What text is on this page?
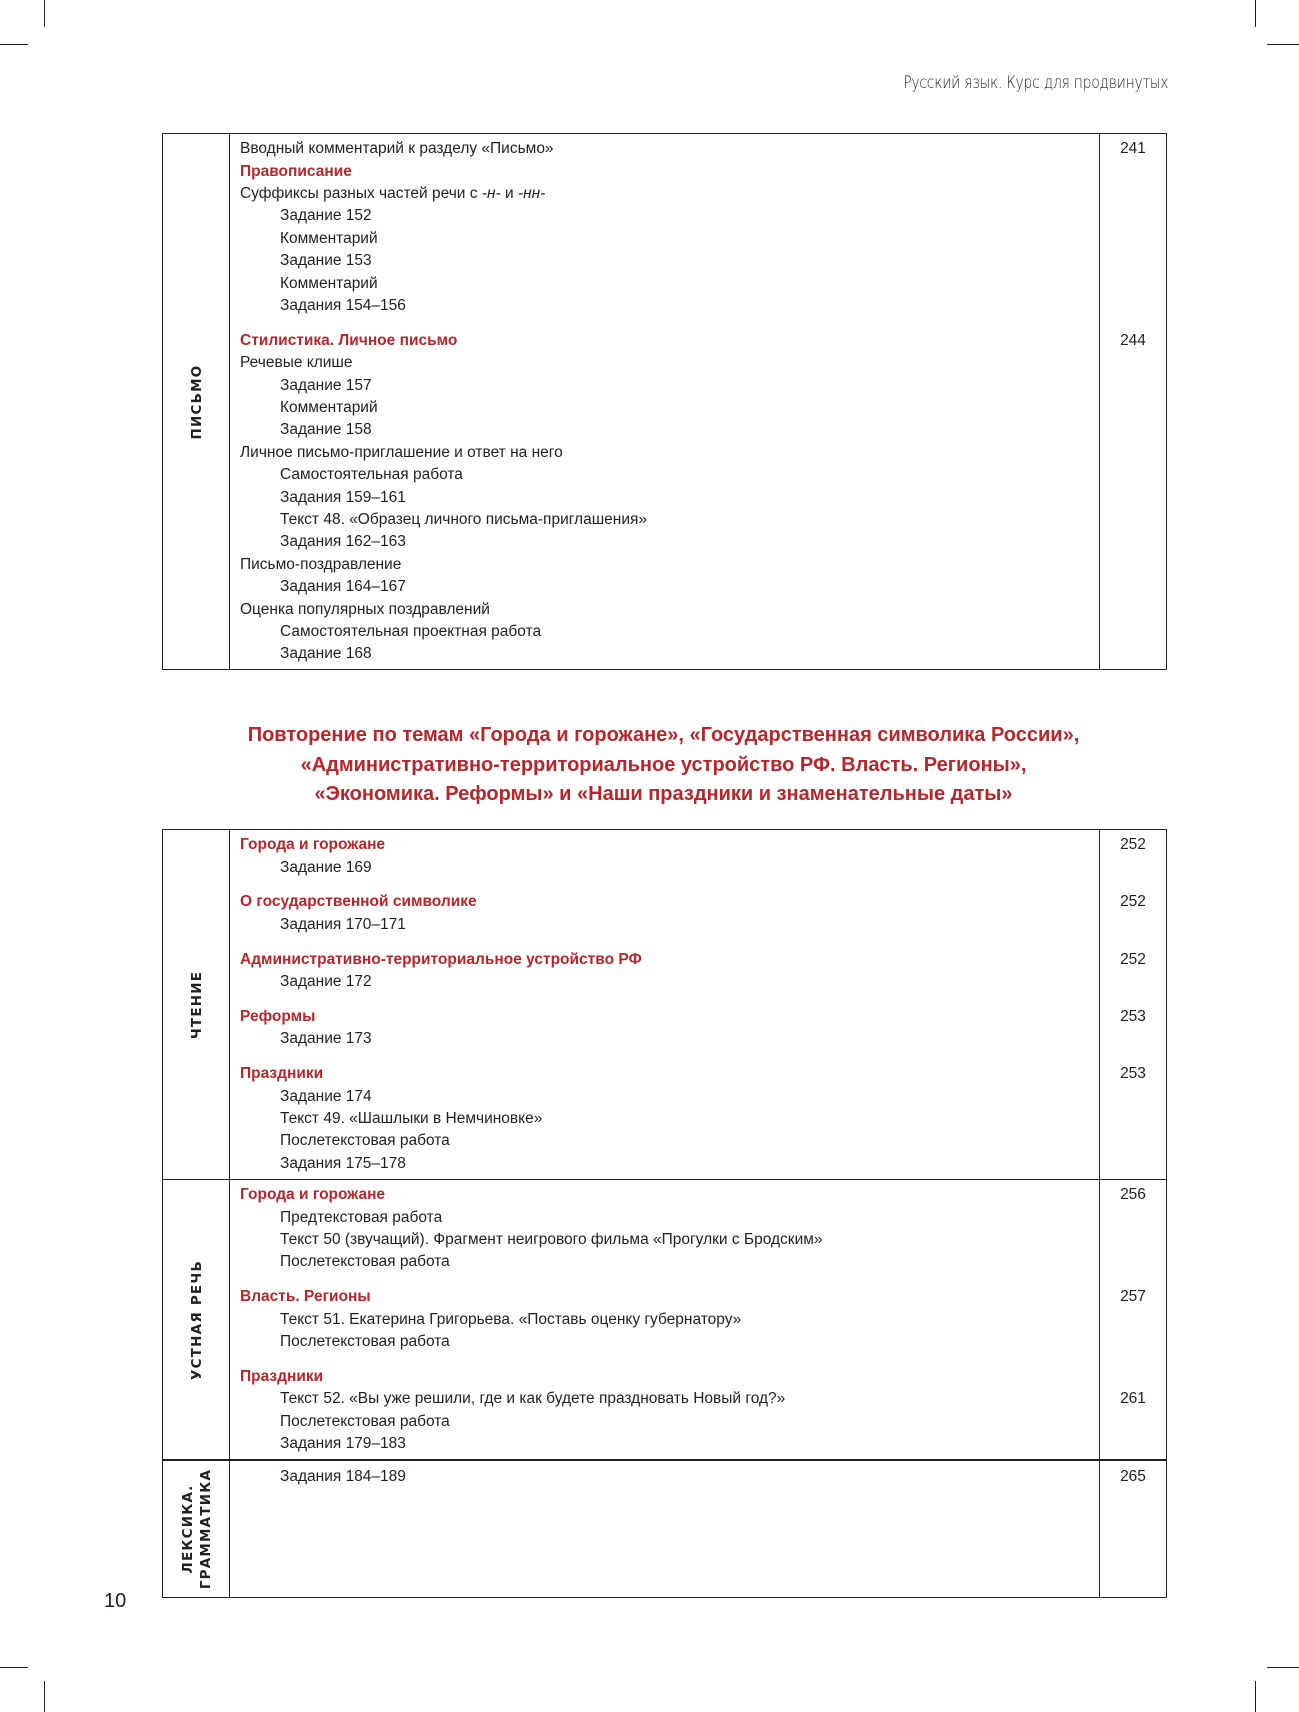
Русский язык. Курс для продвинутых
ПИСЬМО
Вводный комментарий к разделу «Письмо»	241
Правописание
Суффиксы разных частей речи с -н- и -нн-
Задание 152
Комментарий
Задание 153
Комментарий
Задания 154–156
Стилистика. Личное письмо	244
Речевые клише
Задание 157
Комментарий
Задание 158
Личное письмо-приглашение и ответ на него
Самостоятельная работа
Задания 159–161
Текст 48. «Образец личного письма-приглашения»
Задания 162–163
Письмо-поздравление
Задания 164–167
Оценка популярных поздравлений
Самостоятельная проектная работа
Задание 168
Повторение по темам «Города и горожане», «Государственная символика России»,
«Административно-территориальное устройство РФ. Власть. Регионы»,
«Экономика. Реформы» и «Наши праздники и знаменательные даты»
ЧТЕНИЕ
Города и горожане	252
Задание 169
О государственной символике	252
Задания 170–171
Административно-территориальное устройство РФ	252
Задание 172
Реформы	253
Задание 173
Праздники	253
Задание 174
Текст 49. «Шашлыки в Немчиновке»
Послетекстовая работа
Задания 175–178
УСТНАЯ РЕЧЬ
Города и горожане	256
Предтекстовая работа
Текст 50 (звучащий). Фрагмент неигрового фильма «Прогулки с Бродским»
Послетекстовая работа
Власть. Регионы	257
Текст 51. Екатерина Григорьева. «Поставь оценку губернатору»
Послетекстовая работа
Праздники
Текст 52. «Вы уже решили, где и как будете праздновать Новый год?»	261
Послетекстовая работа
Задания 179–183
ЛЕКСИКА. ГРАММАТИКА	Задания 184–189	265
10
